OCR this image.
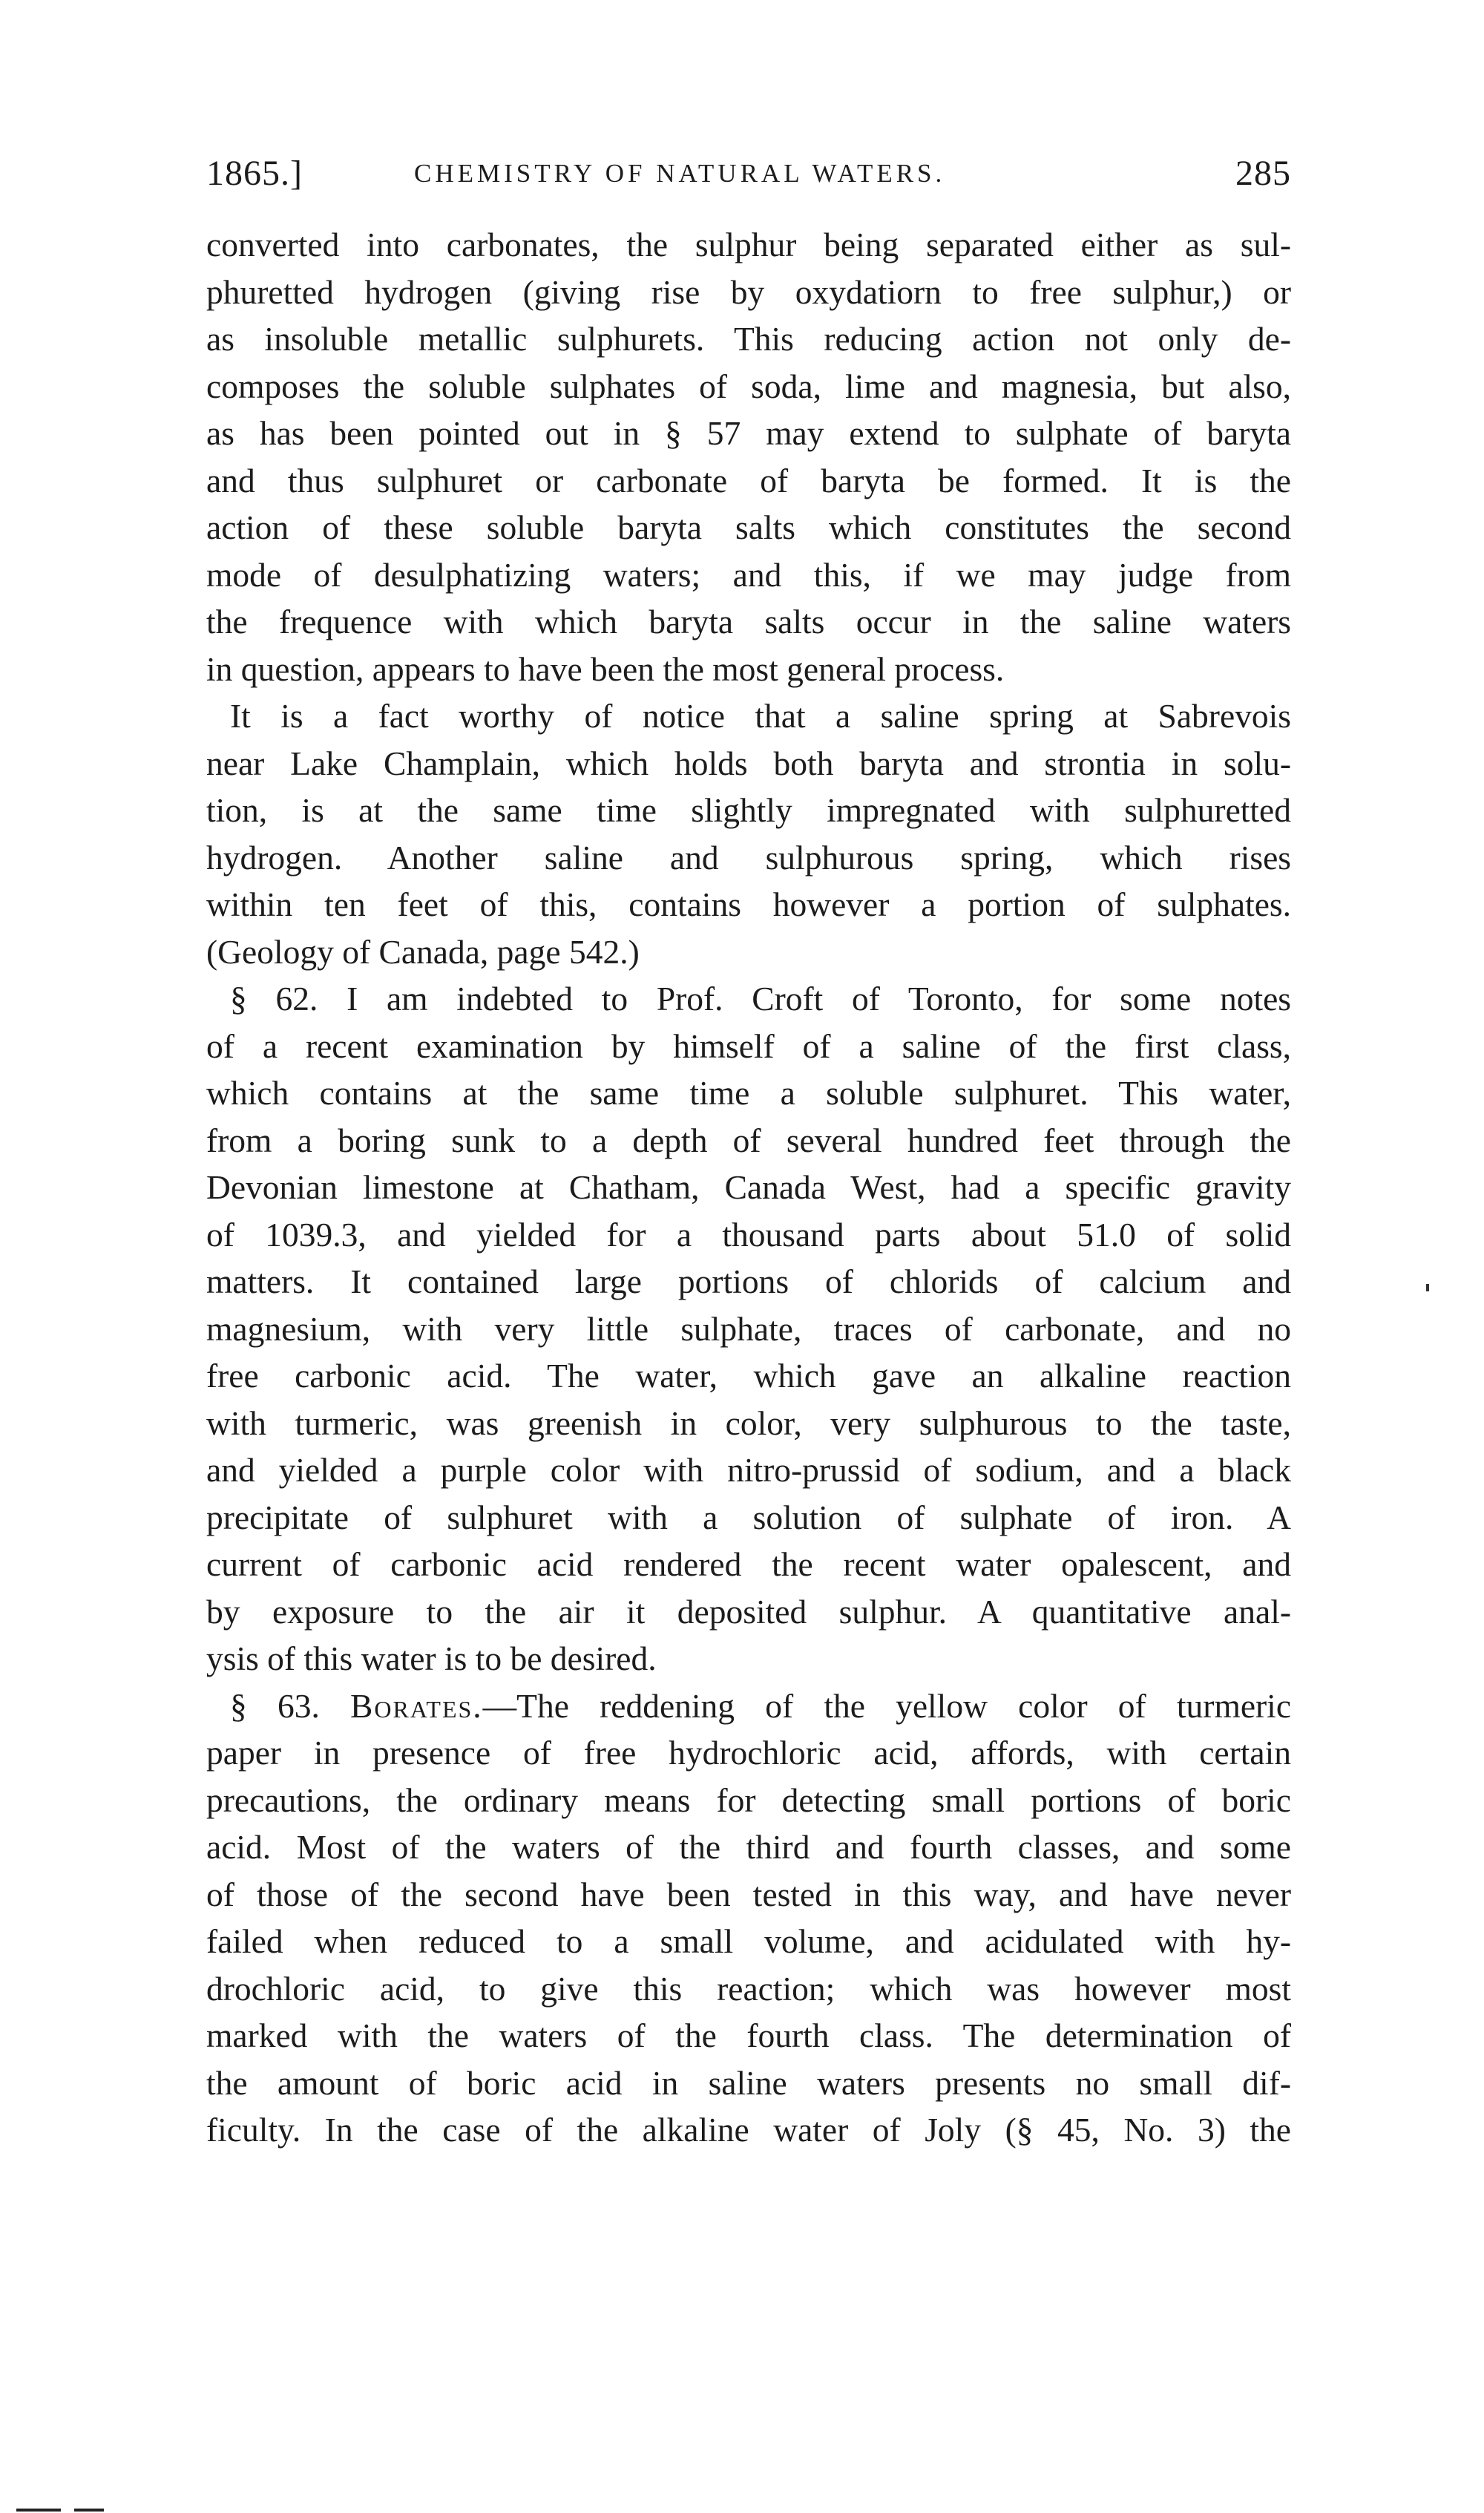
1865.]	CHEMISTRY OF NATURAL WATERS.	285
converted into carbonates, the sulphur being separated either as sul-
phuretted hydrogen (giving rise by oxydatiorn to free sulphur,) or
as insoluble metallic sulphurets. This reducing action not only de-
composes the soluble sulphates of soda, lime and magnesia, but also,
as has been pointed out in § 57 may extend to sulphate of baryta
and thus sulphuret or carbonate of baryta be formed. It is the
action of these soluble baryta salts which constitutes the second
mode of desulphatizing waters; and this, if we may judge from
the frequence with which baryta salts occur in the saline waters
in question, appears to have been the most general process.
It is a fact worthy of notice that a saline spring at Sabrevois
near Lake Champlain, which holds both baryta and strontia in solu-
tion, is at the same time slightly impregnated with sulphuretted
hydrogen. Another saline and sulphurous spring, which rises
within ten feet of this, contains however a portion of sulphates.
(Geology of Canada, page 542.)
§ 62. I am indebted to Prof. Croft of Toronto, for some notes
of a recent examination by himself of a saline of the first class,
which contains at the same time a soluble sulphuret. This water,
from a boring sunk to a depth of several hundred feet through the
Devonian limestone at Chatham, Canada West, had a specific gravity
of 1039.3, and yielded for a thousand parts about 51.0 of solid
matters. It contained large portions of chlorids of calcium and
magnesium, with very little sulphate, traces of carbonate, and no
free carbonic acid. The water, which gave an alkaline reaction
with turmeric, was greenish in color, very sulphurous to the taste,
and yielded a purple color with nitro-prussid of sodium, and a black
precipitate of sulphuret with a solution of sulphate of iron. A
current of carbonic acid rendered the recent water opalescent, and
by exposure to the air it deposited sulphur. A quantitative anal-
ysis of this water is to be desired.
§ 63. Borates.—The reddening of the yellow color of turmeric
paper in presence of free hydrochloric acid, affords, with certain
precautions, the ordinary means for detecting small portions of boric
acid. Most of the waters of the third and fourth classes, and some
of those of the second have been tested in this way, and have never
failed when reduced to a small volume, and acidulated with hy-
drochloric acid, to give this reaction; which was however most
marked with the waters of the fourth class. The determination of
the amount of boric acid in saline waters presents no small dif-
ficulty. In the case of the alkaline water of Joly (§ 45, No. 3) the
